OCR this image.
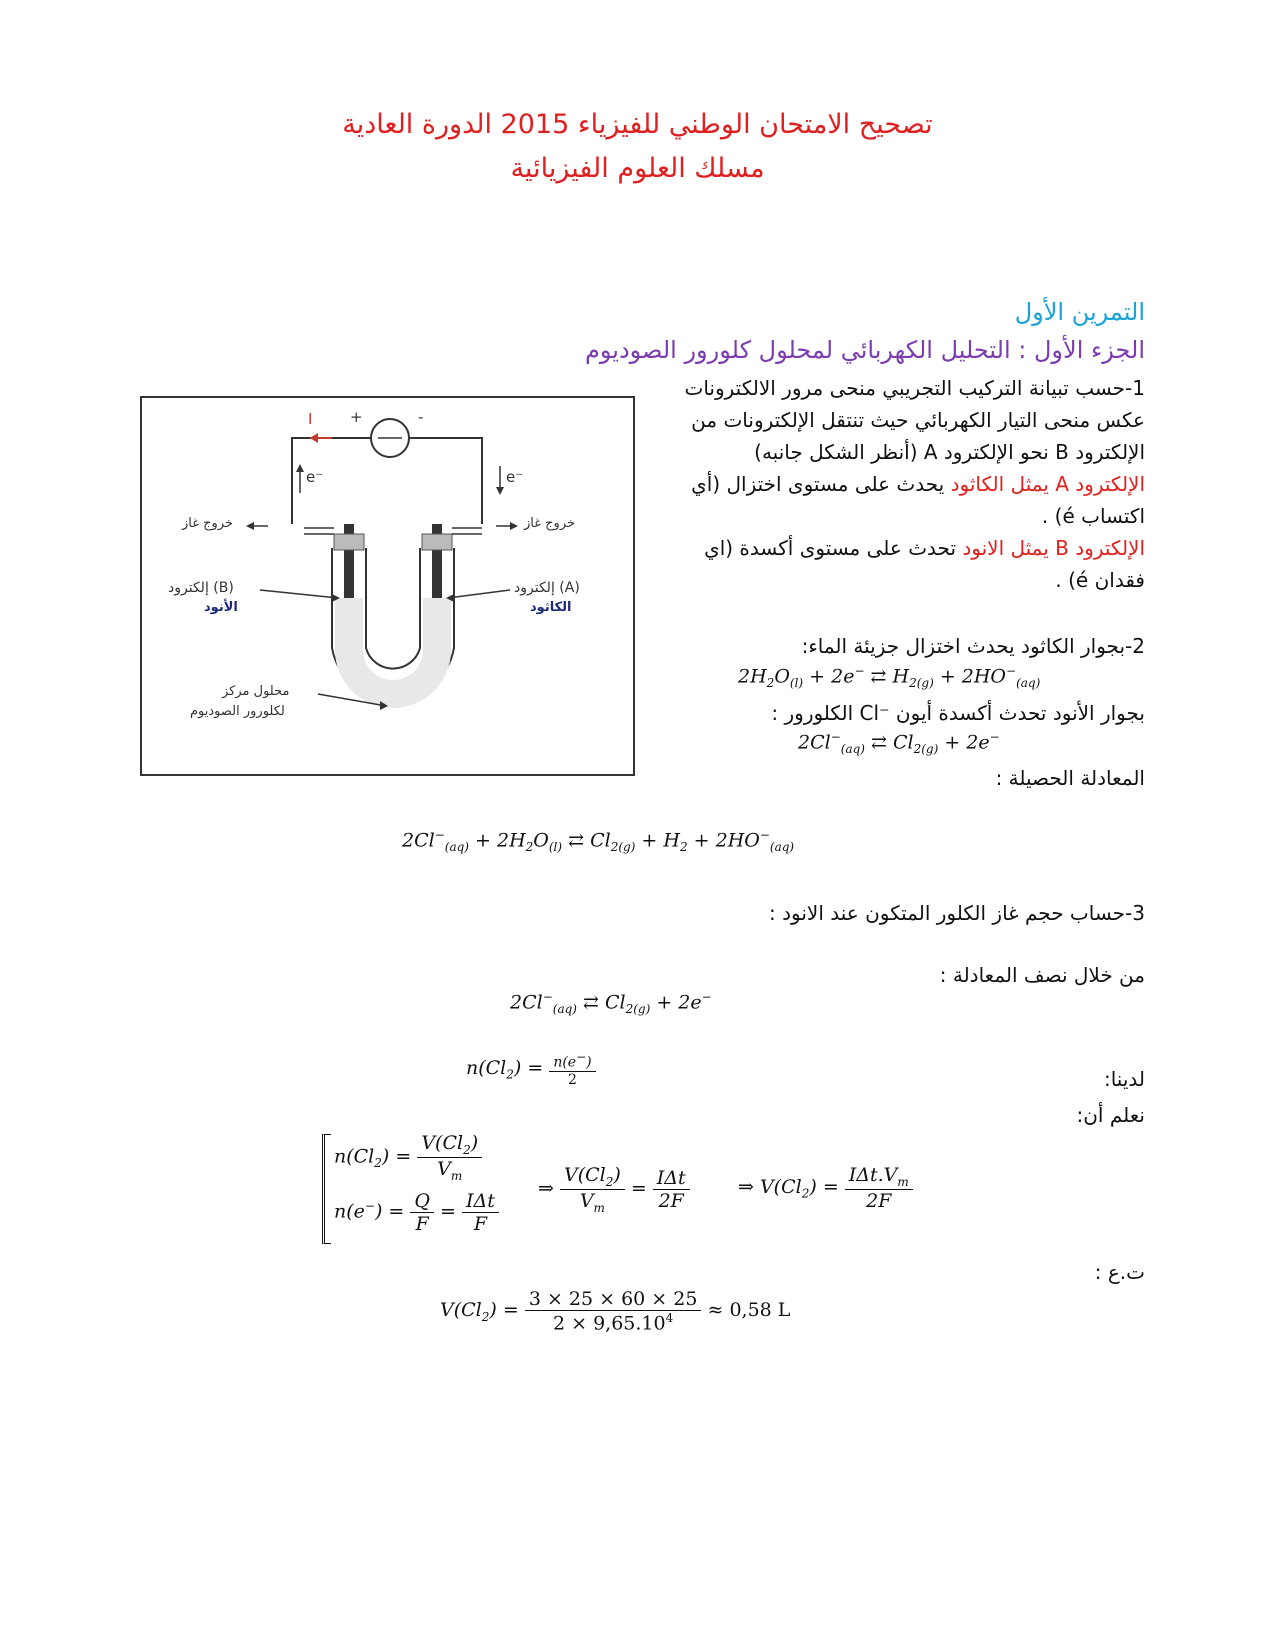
تصحيح الامتحان الوطني للفيزياء 2015 الدورة العادية
مسلك العلوم الفيزيائية
التمرين الأول
الجزء الأول : التحليل الكهربائي لمحلول كلورور الصوديوم
1-حسب تبيانة التركيب التجريبي منحى مرور الالكترونات
عكس منحى التيار الكهربائي حيث تنتقل الإلكترونات من
الإلكترود B نحو الإلكترود A (أنظر الشكل جانبه)
الإلكترود A يمثل الكاثود يحدث على مستوى اختزال (أي
اكتساب é) .
الإلكترود B يمثل الانود تحدث على مستوى أكسدة (اي
فقدان é) .
I	+	-
e⁻	e⁻
خروج غاز	خروج غاز
إلكترود (B)
الأنود
إلكترود (A)
الكاثود
محلول مركز
لكلورور الصوديوم
2-بجوار الكاثود يحدث اختزال جزيئة الماء:
$2H_2O_{(l)} + 2e^-$ ⇄ $H_{2(g)} + 2HO^-_{(aq)}$
بجوار الأنود تحدث أكسدة أيون ⁻Cl الكلورور :
$2Cl^-_{(aq)}$ ⇄ $Cl_{2(g)} + 2e^-$
المعادلة الحصيلة :
$2Cl^-_{(aq)} + 2H_2O_{(l)}$ ⇄ $Cl_{2(g)} + H_2 + 2HO^-_{(aq)}$
3-حساب حجم غاز الكلور المتكون عند الانود :
من خلال نصف المعادلة :
$2Cl^-_{(aq)}$ ⇄ $Cl_{2(g)} + 2e^-$
لدينا:
$n(Cl_2) = \frac{n(e^-)}{2}$
نعلم أن:
$n(Cl_2) = \frac{V(Cl_2)}{V_m}$
$n(e^-) = \frac{Q}{F} = \frac{\text{IΔt}}{F}$
⇒ $\frac{V(Cl_2)}{V_m} = \frac{\text{IΔt}}{2F}$	⇒ $V(Cl_2) = \frac{I\Delta t.V_m}{2F}$
ت.ع :
$V(Cl_2) = \frac{3 \times 25 \times 60 \times 25}{2 \times 9,65.10^4} \approx 0,58$ L
